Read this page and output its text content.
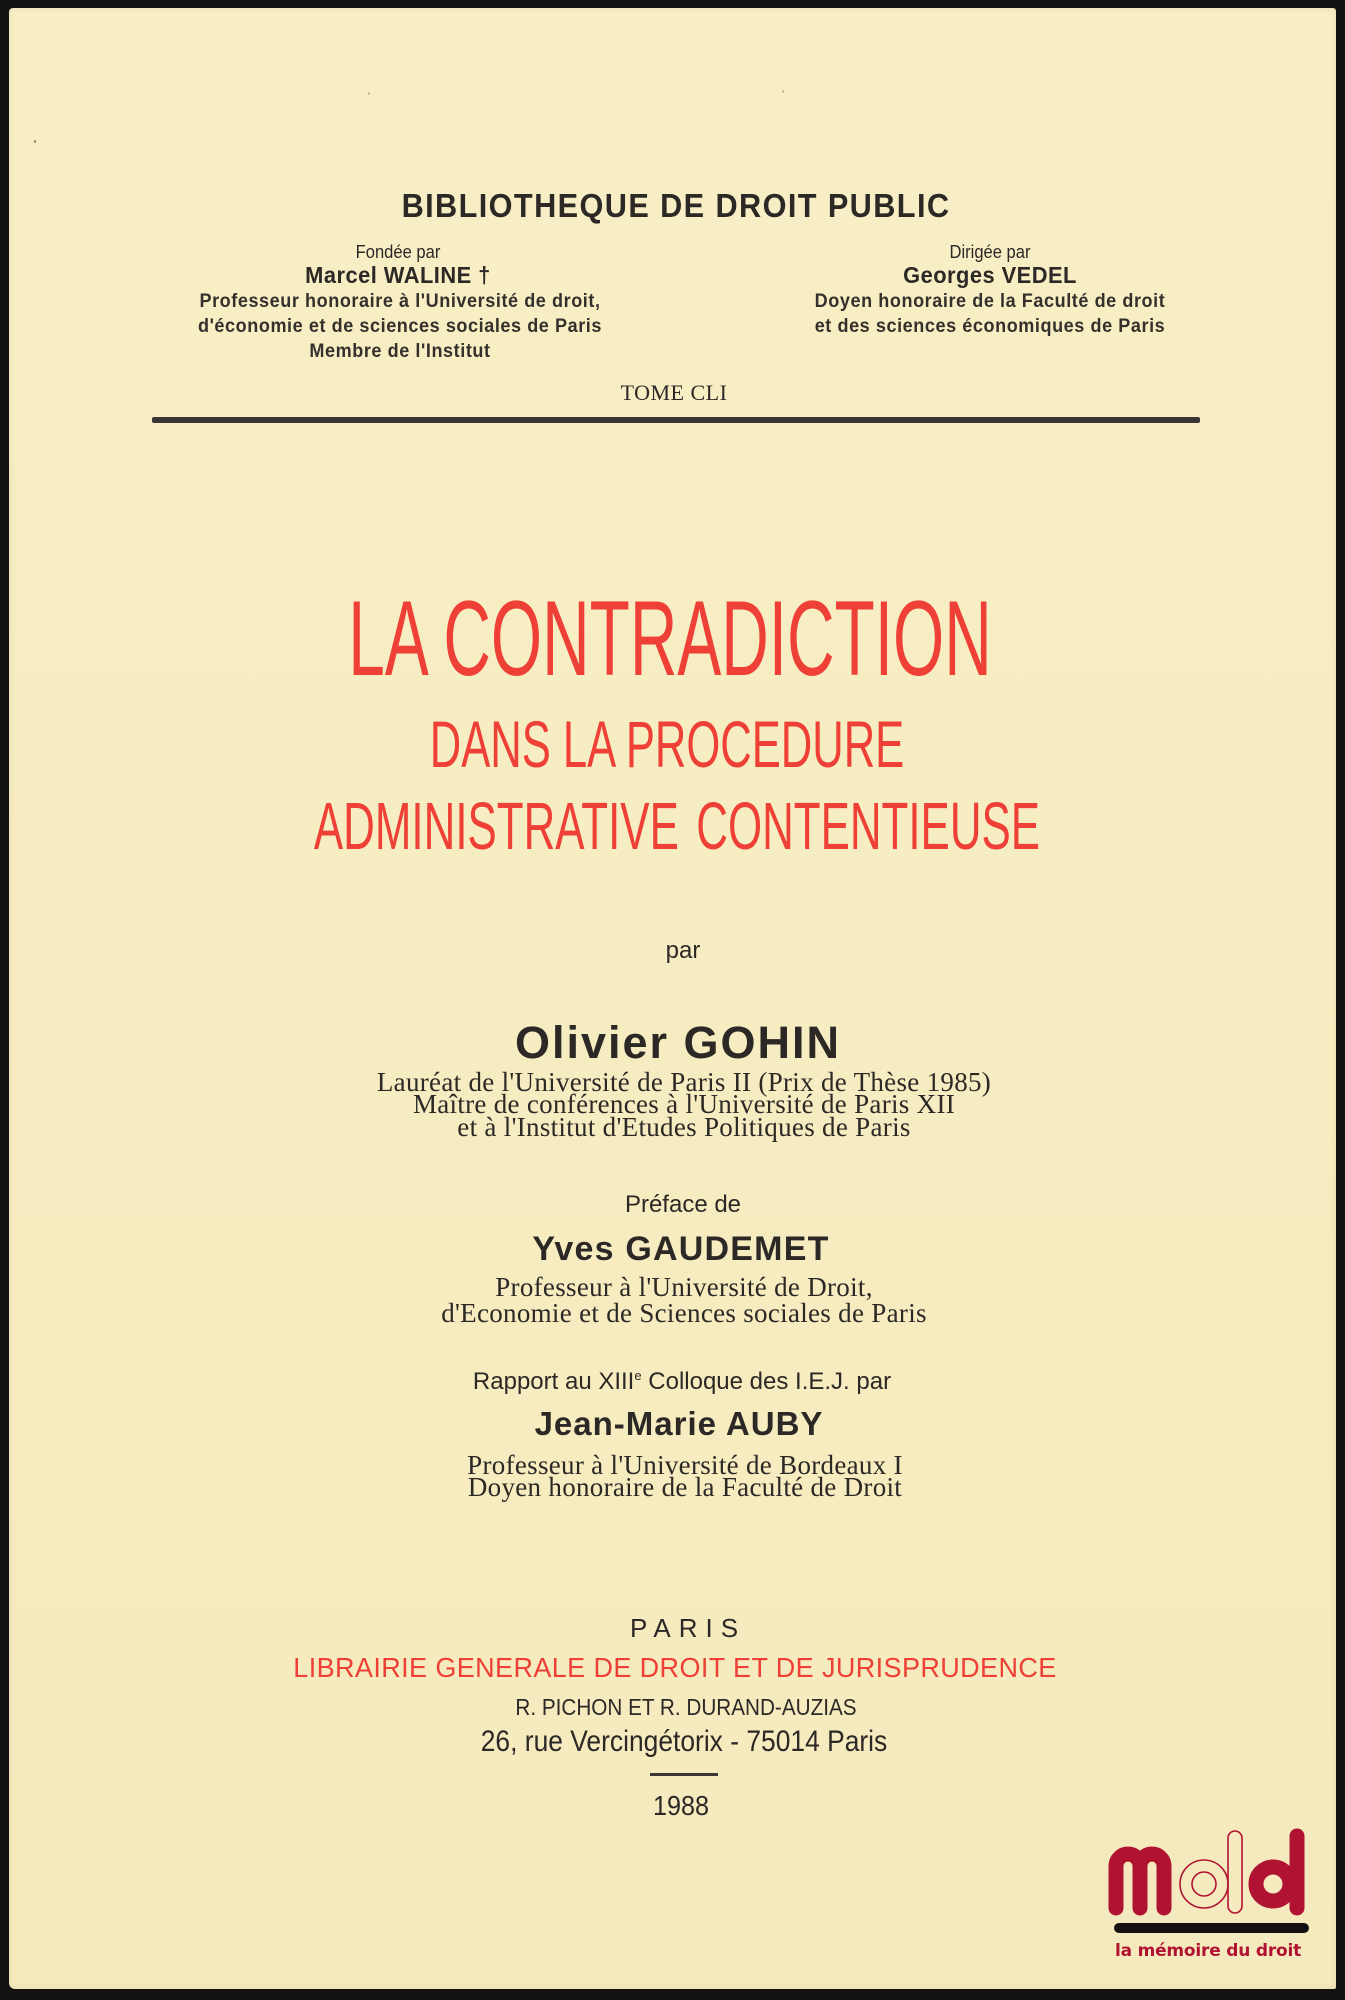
BIBLIOTHEQUE DE DROIT PUBLIC
Fondée par
Marcel WALINE †
Professeur honoraire à l'Université de droit,
d'économie et de sciences sociales de Paris
Membre de l'Institut
Dirigée par
Georges VEDEL
Doyen honoraire de la Faculté de droit
et des sciences économiques de Paris
TOME CLI
LA CONTRADICTION
DANS LA PROCEDURE
ADMINISTRATIVE CONTENTIEUSE
par
Olivier GOHIN
Lauréat de l'Université de Paris II (Prix de Thèse 1985)
Maître de conférences à l'Université de Paris XII
et à l'Institut d'Etudes Politiques de Paris
Préface de
Yves GAUDEMET
Professeur à l'Université de Droit,
d'Economie et de Sciences sociales de Paris
Rapport au XIIIe Colloque des I.E.J. par
Jean-Marie AUBY
Professeur à l'Université de Bordeaux I
Doyen honoraire de la Faculté de Droit
PARIS
LIBRAIRIE GENERALE DE DROIT ET DE JURISPRUDENCE
R. PICHON ET R. DURAND-AUZIAS
26, rue Vercingétorix - 75014 Paris
1988
la mémoire du droit
